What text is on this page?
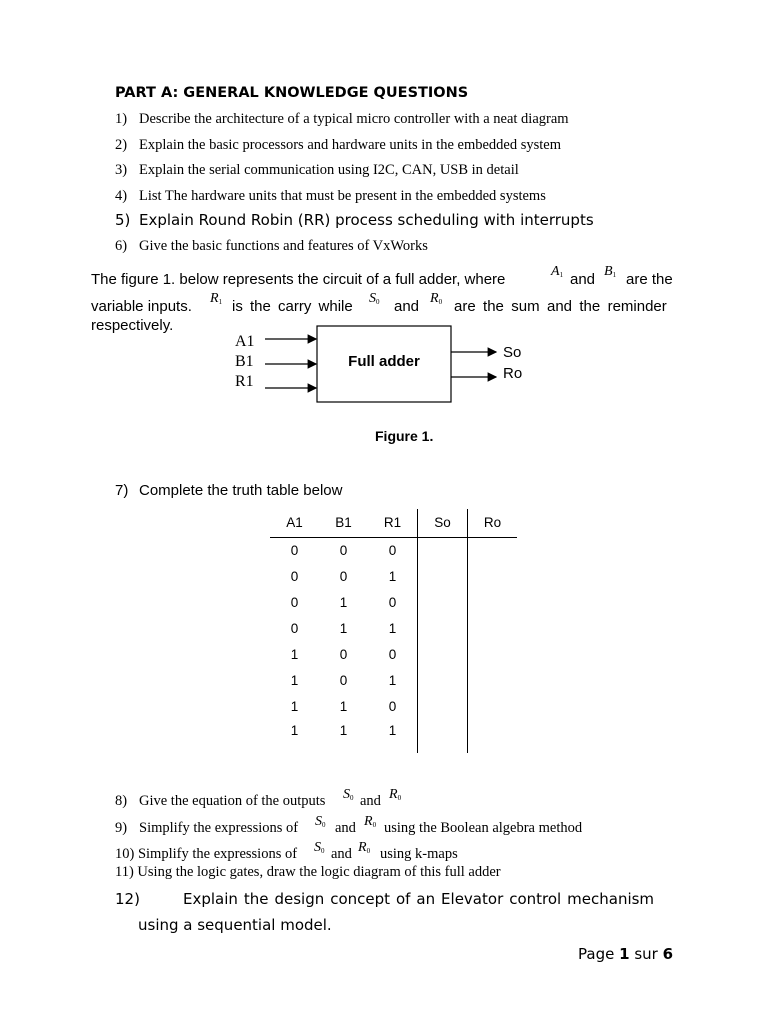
PART A: GENERAL KNOWLEDGE QUESTIONS
1) Describe the architecture of a typical micro controller with a neat diagram
2) Explain the basic processors and hardware units in the embedded system
3) Explain the serial communication using I2C, CAN, USB in detail
4) List The hardware units that must be present in the embedded systems
5) Explain Round Robin (RR) process scheduling with interrupts
6) Give the basic functions and features of VxWorks
The figure 1. below represents the circuit of a full adder, where	$A_1$ and $B_1$ are the
variable inputs. $R_1$ is the carry while $S_0$ and $R_0$ are the sum and the reminder
respectively.
A1
B1
R1
Full adder
So
Ro
Figure 1.
7) Complete the truth table below
A1	B1	R1	So	Ro
0	0	0		
0	0	1		
0	1	0		
0	1	1		
1	0	0		
1	0	1		
1	1	0		
1	1	1		
8) Give the equation of the outputs $S_0$ and $R_0$
9) Simplify the expressions of $S_0$ and $R_0$ using the Boolean algebra method
10) Simplify the expressions of $S_0$ and $R_0$ using k-maps
11) Using the logic gates, draw the logic diagram of this full adder
12)	Explain the design concept of an Elevator control mechanism
using a sequential model.
Page 1 sur 6
